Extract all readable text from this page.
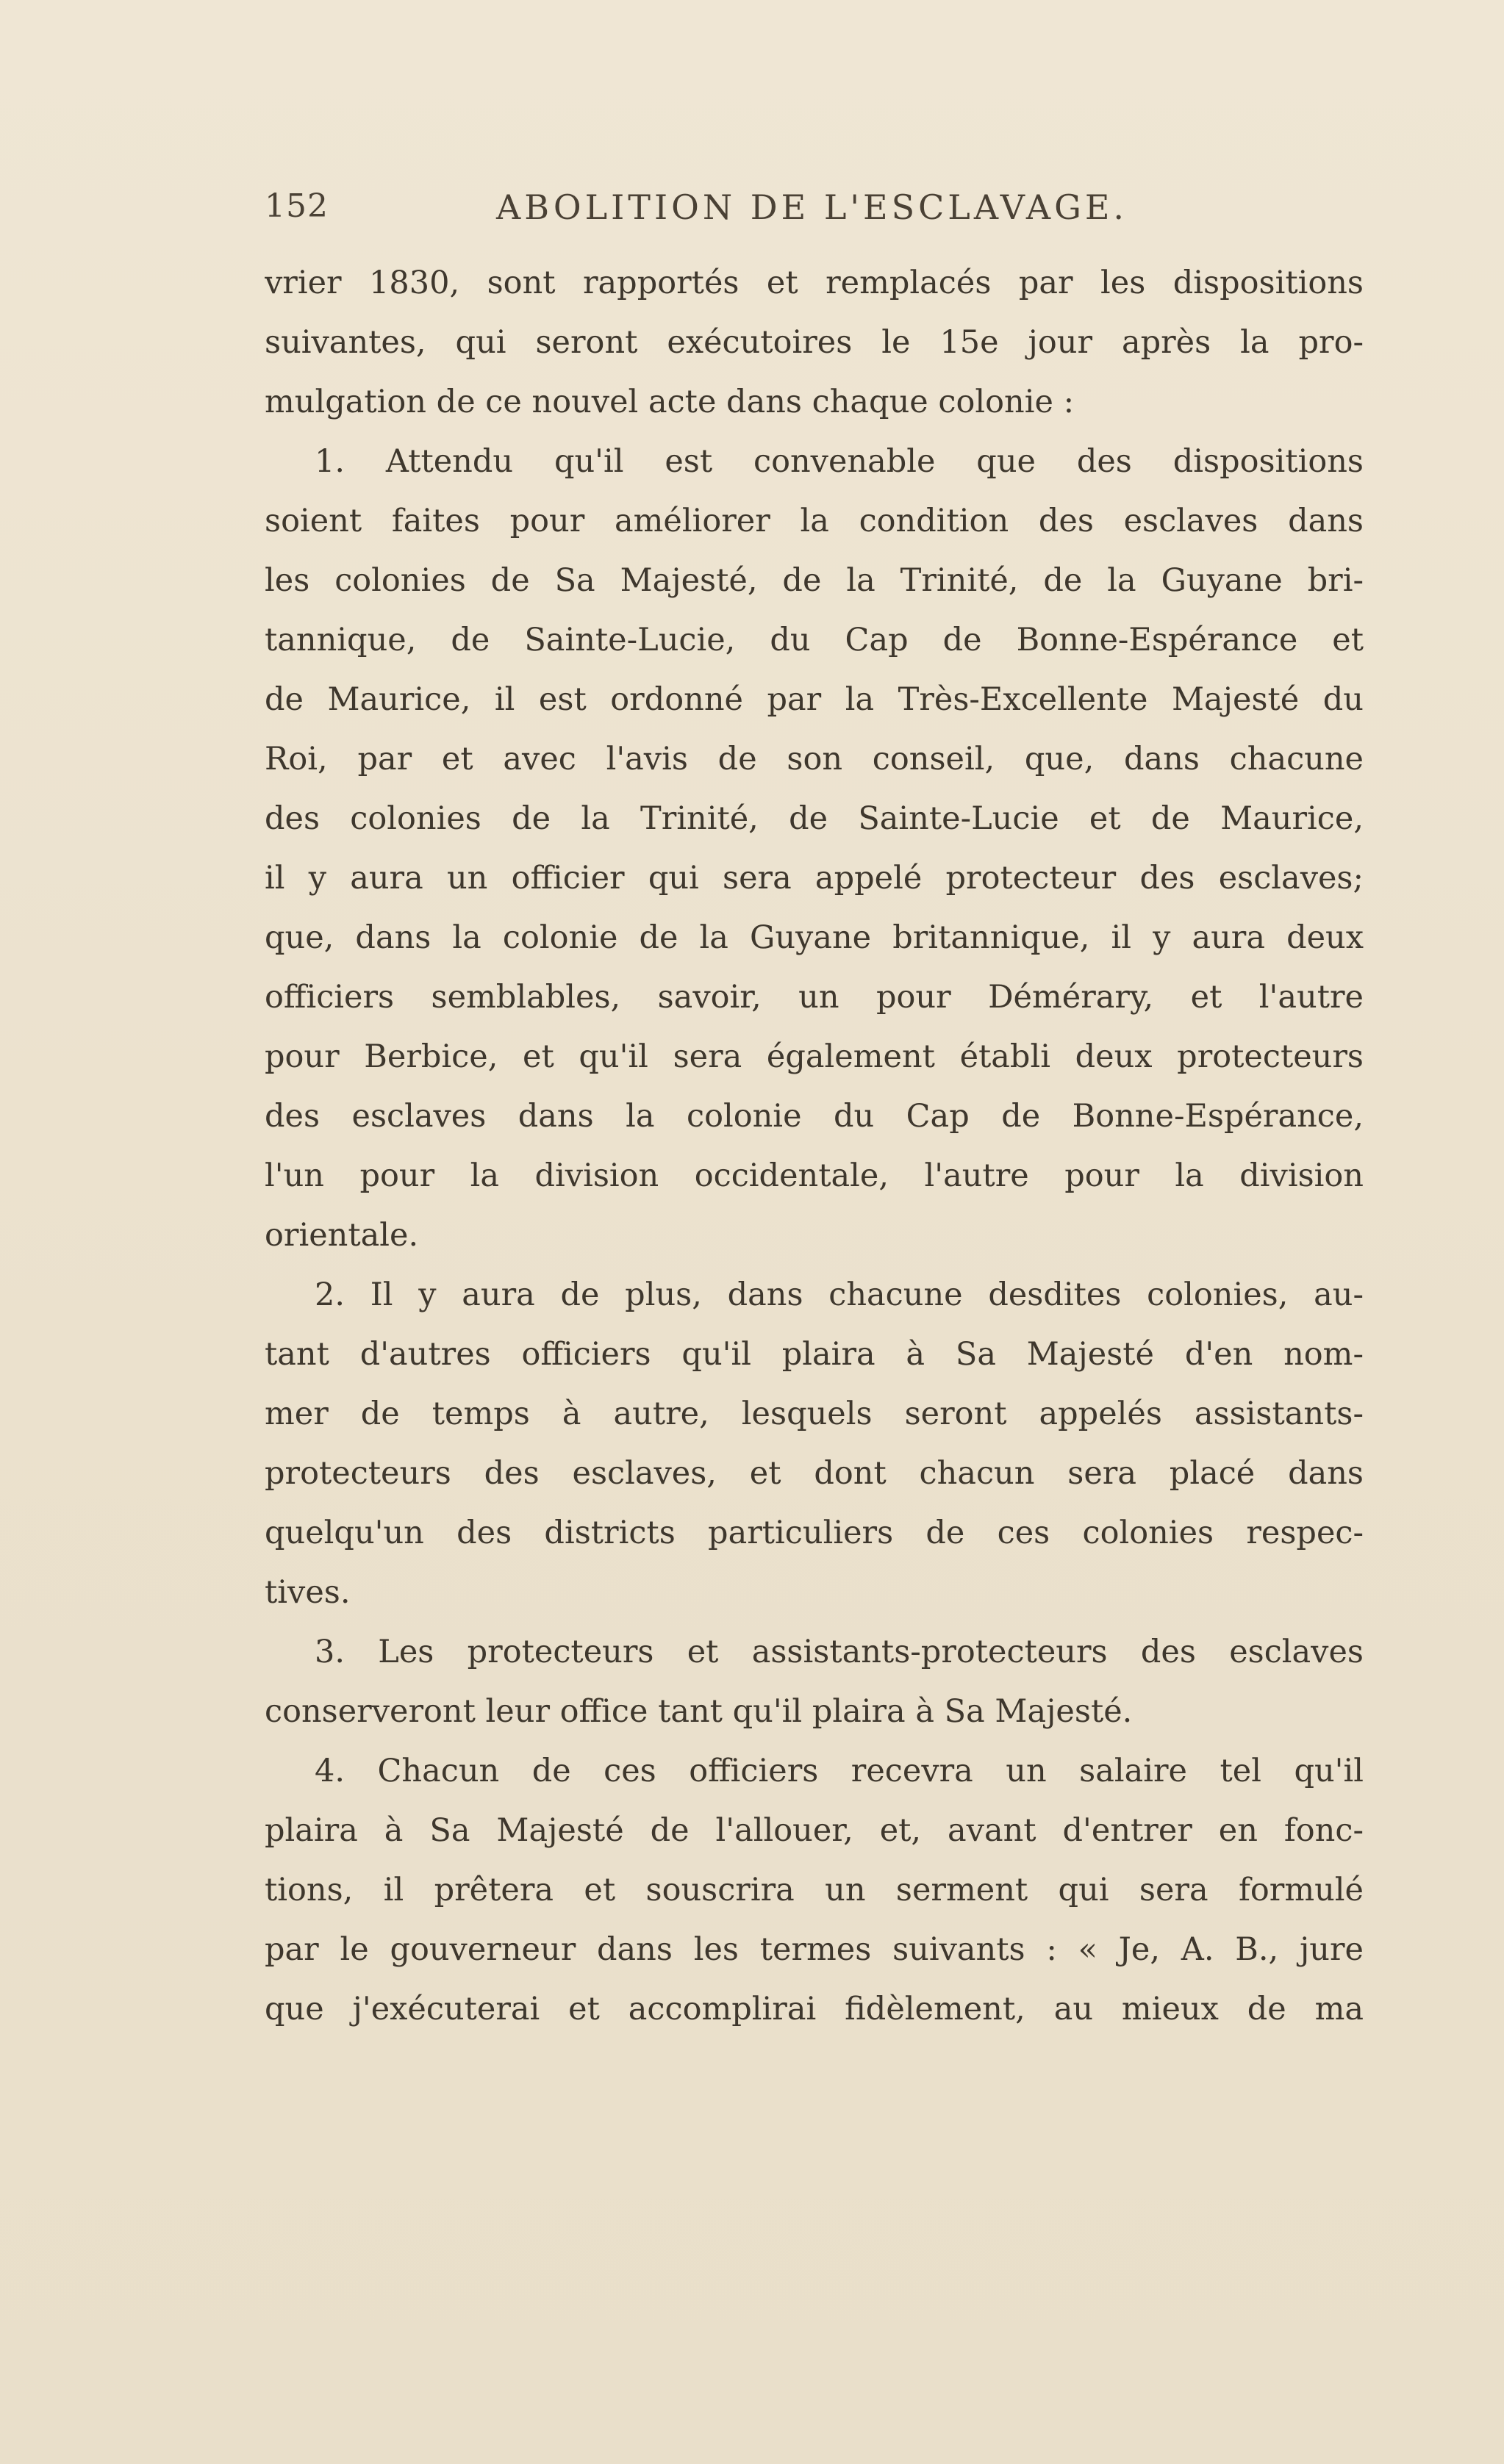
152	ABOLITION DE L'ESCLAVAGE.
vrier 1830, sont rapportés et remplacés par les dispositions
suivantes, qui seront exécutoires le 15e jour après la pro-
mulgation de ce nouvel acte dans chaque colonie :
1. Attendu qu'il est convenable que des dispositions
soient faites pour améliorer la condition des esclaves dans
les colonies de Sa Majesté, de la Trinité, de la Guyane bri-
tannique, de Sainte-Lucie, du Cap de Bonne-Espérance et
de Maurice, il est ordonné par la Très-Excellente Majesté du
Roi, par et avec l'avis de son conseil, que, dans chacune
des colonies de la Trinité, de Sainte-Lucie et de Maurice,
il y aura un officier qui sera appelé protecteur des esclaves;
que, dans la colonie de la Guyane britannique, il y aura deux
officiers semblables, savoir, un pour Démérary, et l'autre
pour Berbice, et qu'il sera également établi deux protecteurs
des esclaves dans la colonie du Cap de Bonne-Espérance,
l'un pour la division occidentale, l'autre pour la division
orientale.
2. Il y aura de plus, dans chacune desdites colonies, au-
tant d'autres officiers qu'il plaira à Sa Majesté d'en nom-
mer de temps à autre, lesquels seront appelés assistants-
protecteurs des esclaves, et dont chacun sera placé dans
quelqu'un des districts particuliers de ces colonies respec-
tives.
3. Les protecteurs et assistants-protecteurs des esclaves
conserveront leur office tant qu'il plaira à Sa Majesté.
4. Chacun de ces officiers recevra un salaire tel qu'il
plaira à Sa Majesté de l'allouer, et, avant d'entrer en fonc-
tions, il prêtera et souscrira un serment qui sera formulé
par le gouverneur dans les termes suivants : « Je, A. B., jure
que j'exécuterai et accomplirai fidèlement, au mieux de ma
